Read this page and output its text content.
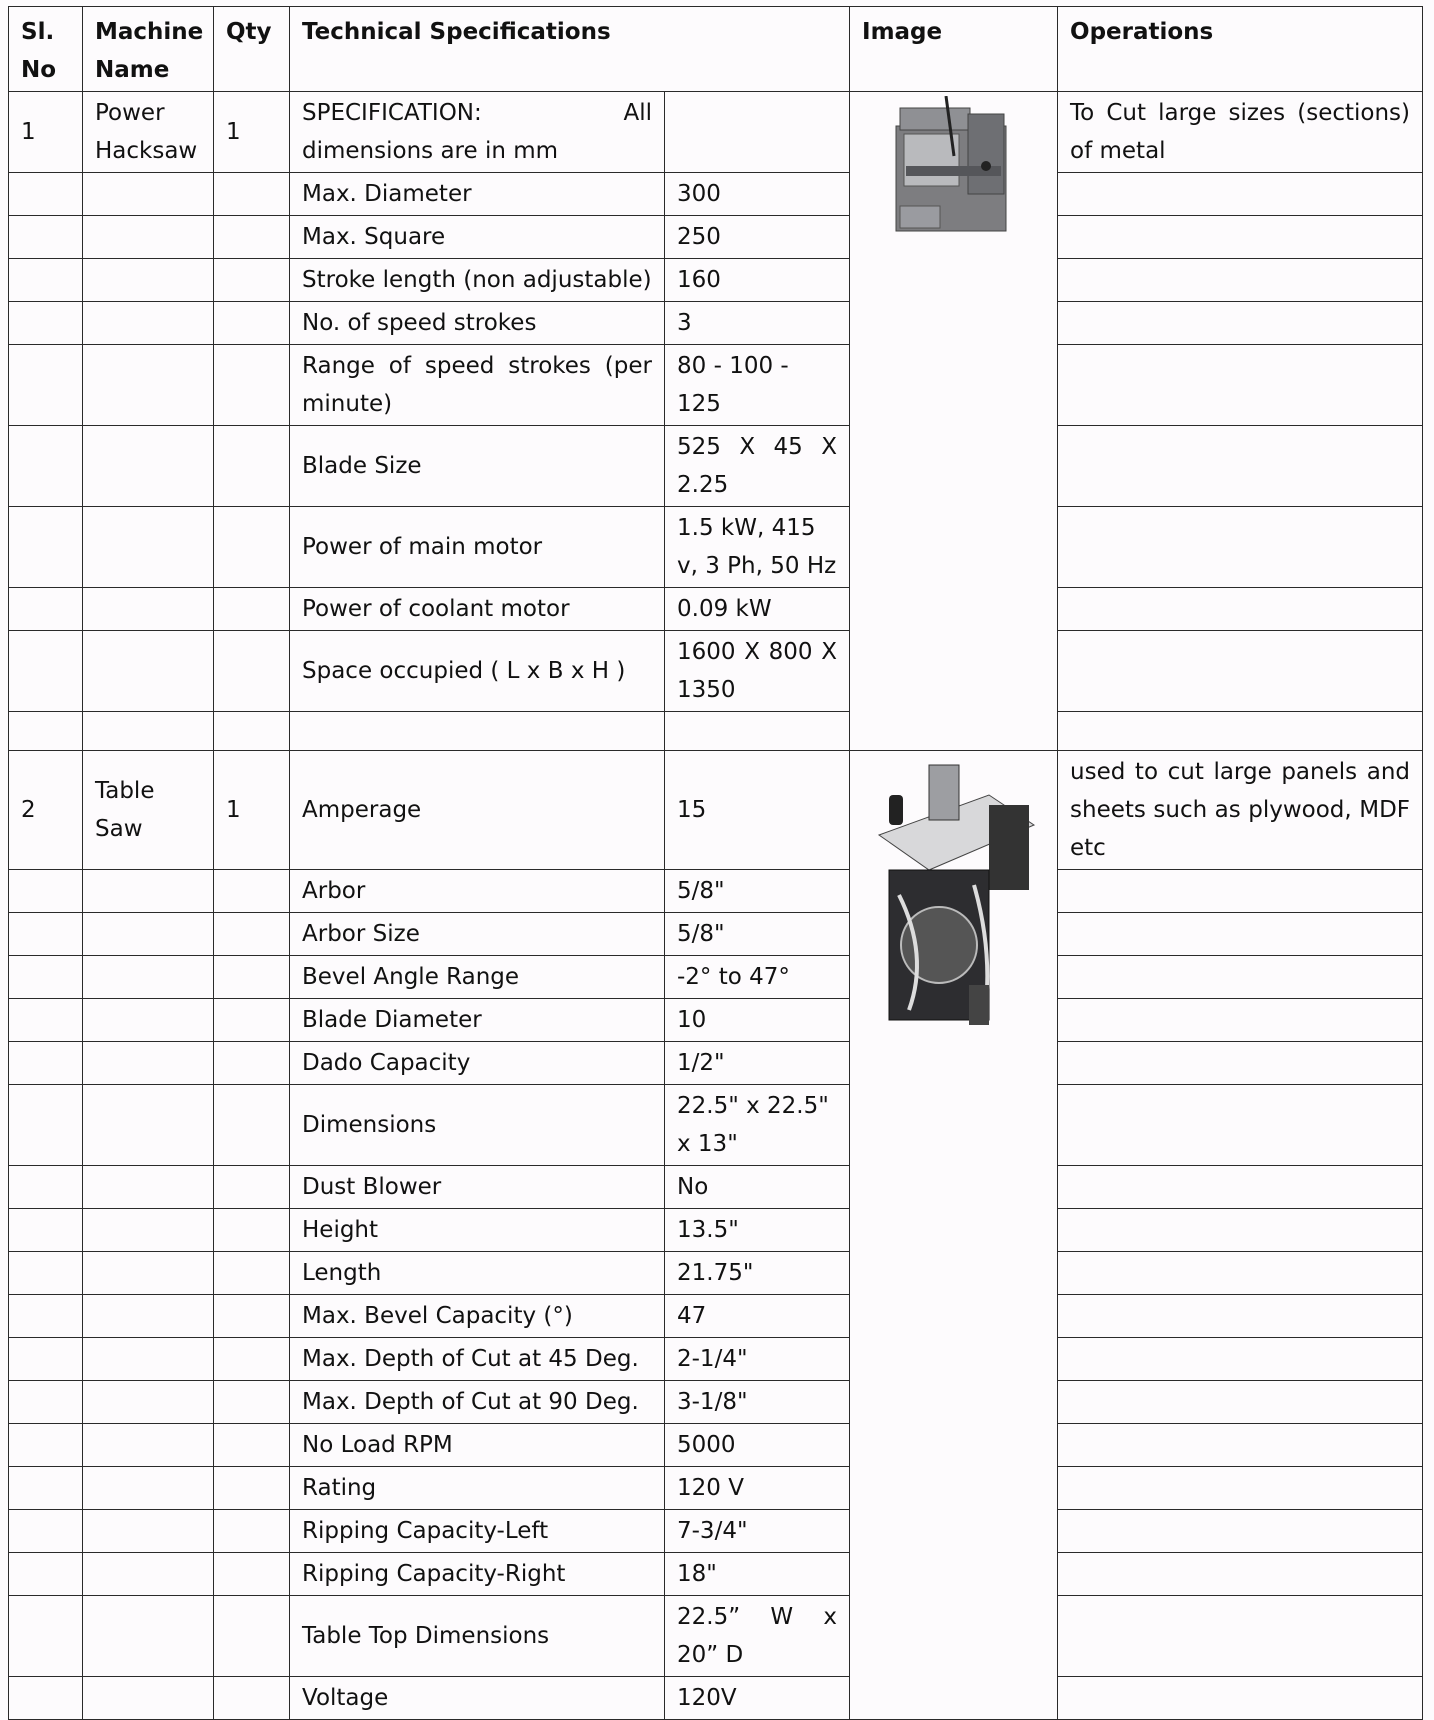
Sl. No	Machine Name	Qty	Technical Specifications		Image	Operations
1	Power Hacksaw	1	SPECIFICATION: All dimensions are in mm			To Cut large sizes (sections) of metal
			Max. Diameter	300		
			Max. Square	250		
			Stroke length (non adjustable)	160		
			No. of speed strokes	3		
			Range of speed strokes (per minute)	80 - 100 - 125		
			Blade Size	525 X 45 X 2.25		
			Power of main motor	1.5 kW, 415 v, 3 Ph, 50 Hz		
			Power of coolant motor	0.09 kW		
			Space occupied ( L x B x H )	1600 X 800 X 1350		

2	Table Saw	1	Amperage	15		used to cut large panels and sheets such as plywood, MDF etc
			Arbor	5/8"		
			Arbor Size	5/8"		
			Bevel Angle Range	-2° to 47°		
			Blade Diameter	10		
			Dado Capacity	1/2"		
			Dimensions	22.5" x 22.5" x 13"		
			Dust Blower	No		
			Height	13.5"		
			Length	21.75"		
			Max. Bevel Capacity (°)	47		
			Max. Depth of Cut at 45 Deg.	2-1/4"		
			Max. Depth of Cut at 90 Deg.	3-1/8"		
			No Load RPM	5000		
			Rating	120 V		
			Ripping Capacity-Left	7-3/4"		
			Ripping Capacity-Right	18"		
			Table Top Dimensions	22.5” W x 20” D		
			Voltage	120V		
